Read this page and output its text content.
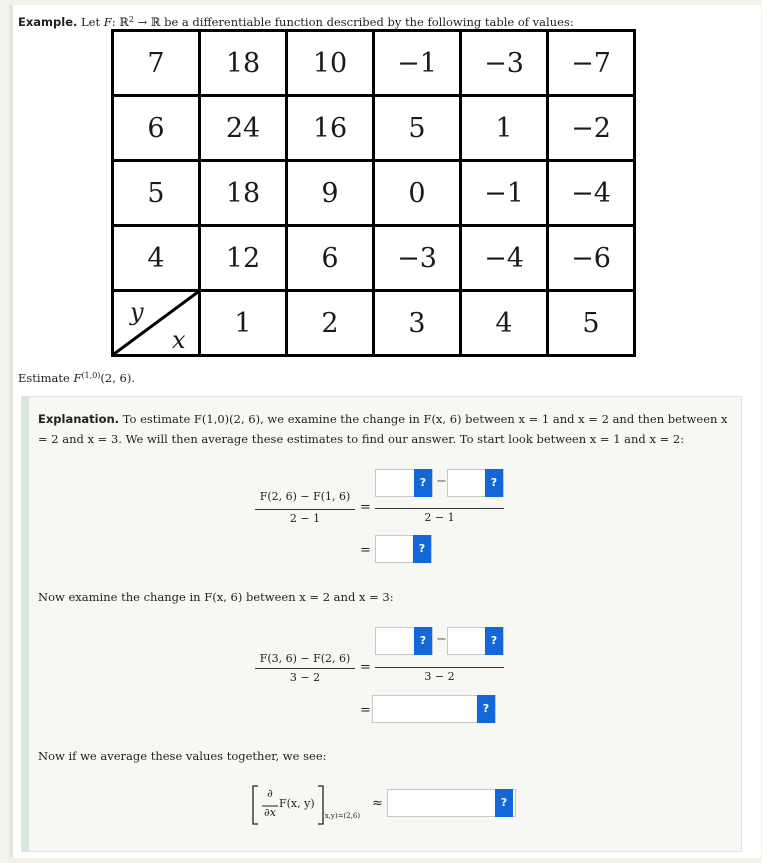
Example. Let F: ℝ$^2$ → ℝ be a differentiable function described by the following table of values:
7	18	10	−1	−3	−7
6	24	16	5	1	−2
5	18	9	0	−1	−4
4	12	6	−3	−4	−6

y
x	1	2	3	4	5
Estimate F$^{(1,0)}$(2, 6).
Explanation. To estimate F(1,0)(2, 6), we examine the change in F(x, 6) between x = 1 and x = 2 and then between x = 2 and x = 3. We will then average these estimates to find our answer. To start look between x = 1 and x = 2:
F(2, 6) − F(1, 6)
2 − 1
=
? −	?
2 − 1
=	?
Now examine the change in F(x, 6) between x = 2 and x = 3:
F(3, 6) − F(2, 6)
3 − 2
=
? −	?
3 − 2
=	?
Now if we average these values together, we see:
∂
∂x
F(x, y)
(x,y)=(2,6)
≈	?
